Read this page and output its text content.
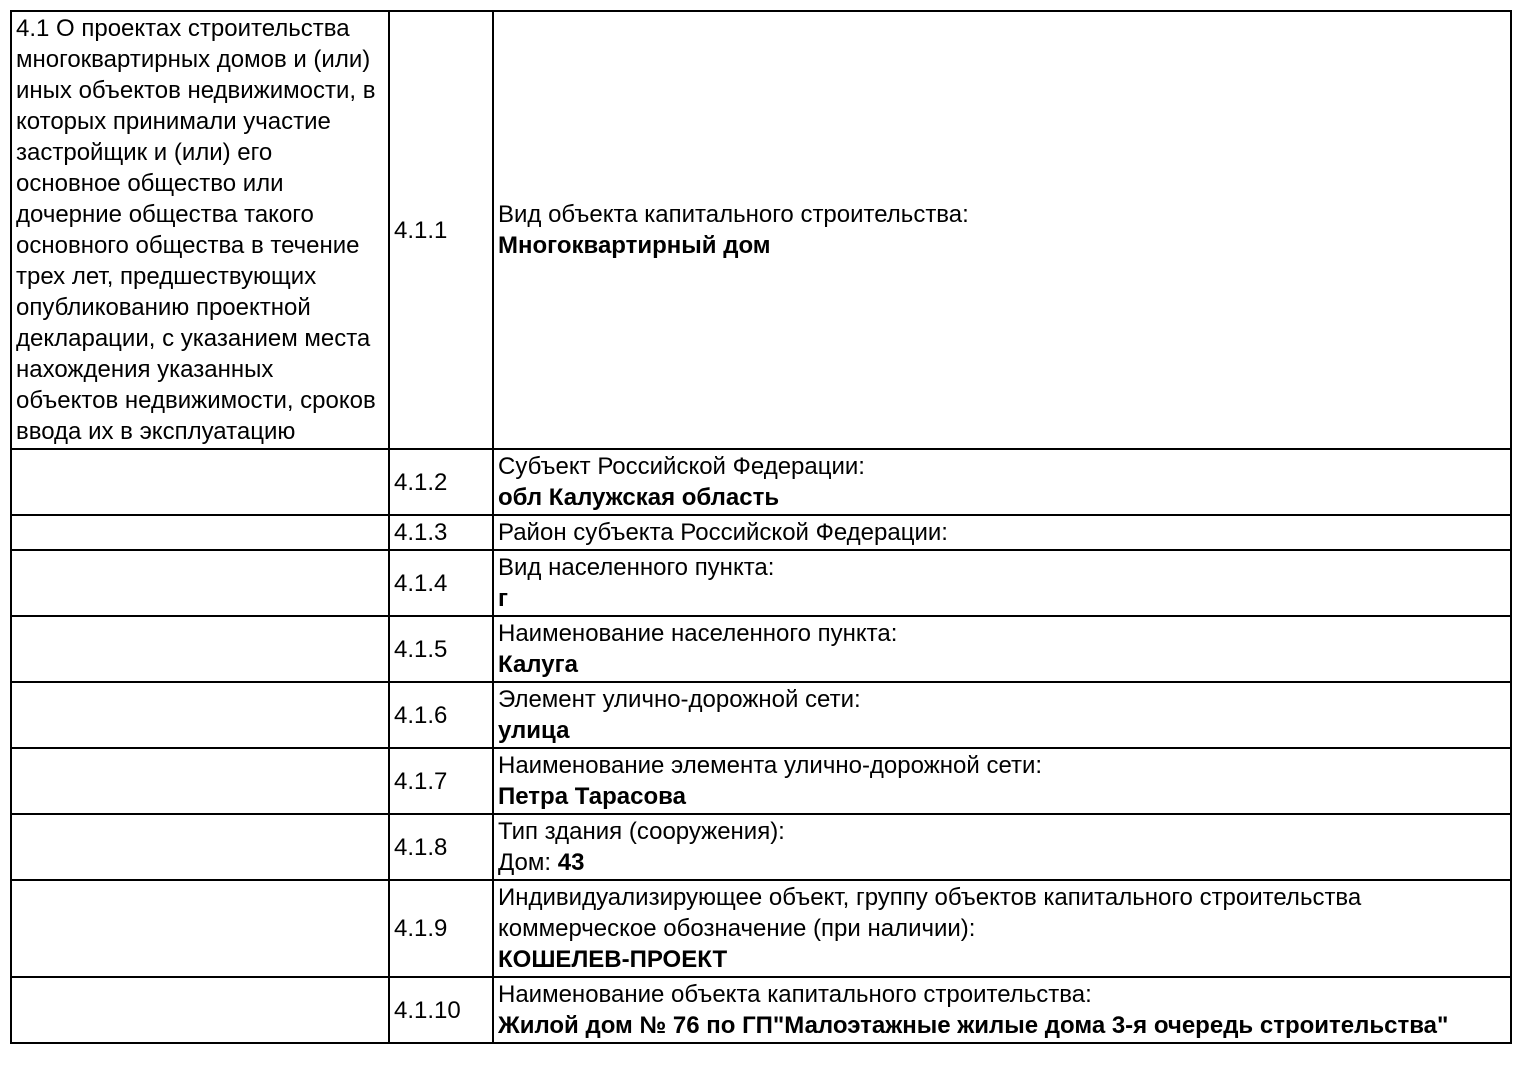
4.1 О проектах строительства многоквартирных домов и (или) иных объектов недвижимости, в которых принимали участие застройщик и (или) его основное общество или дочерние общества такого основного общества в течение трех лет, предшествующих опубликованию проектной декларации, с указанием места нахождения указанных объектов недвижимости, сроков ввода их в эксплуатацию	4.1.1	Вид объекта капитального строительства:
Многоквартирный дом

	4.1.2	Субъект Российской Федерации:
обл Калужская область

	4.1.3	Район субъекта Российской Федерации:

	4.1.4	Вид населенного пункта:
г

	4.1.5	Наименование населенного пункта:
Калуга

	4.1.6	Элемент улично-дорожной сети:
улица

	4.1.7	Наименование элемента улично-дорожной сети:
Петра Тарасова

	4.1.8	Тип здания (сооружения):
Дом: 43

	4.1.9	Индивидуализирующее объект, группу объектов капитального строительства коммерческое обозначение (при наличии):
КОШЕЛЕВ-ПРОЕКТ

	4.1.10	Наименование объекта капитального строительства:
Жилой дом № 76 по ГП"Малоэтажные жилые дома 3-я очередь строительства"
